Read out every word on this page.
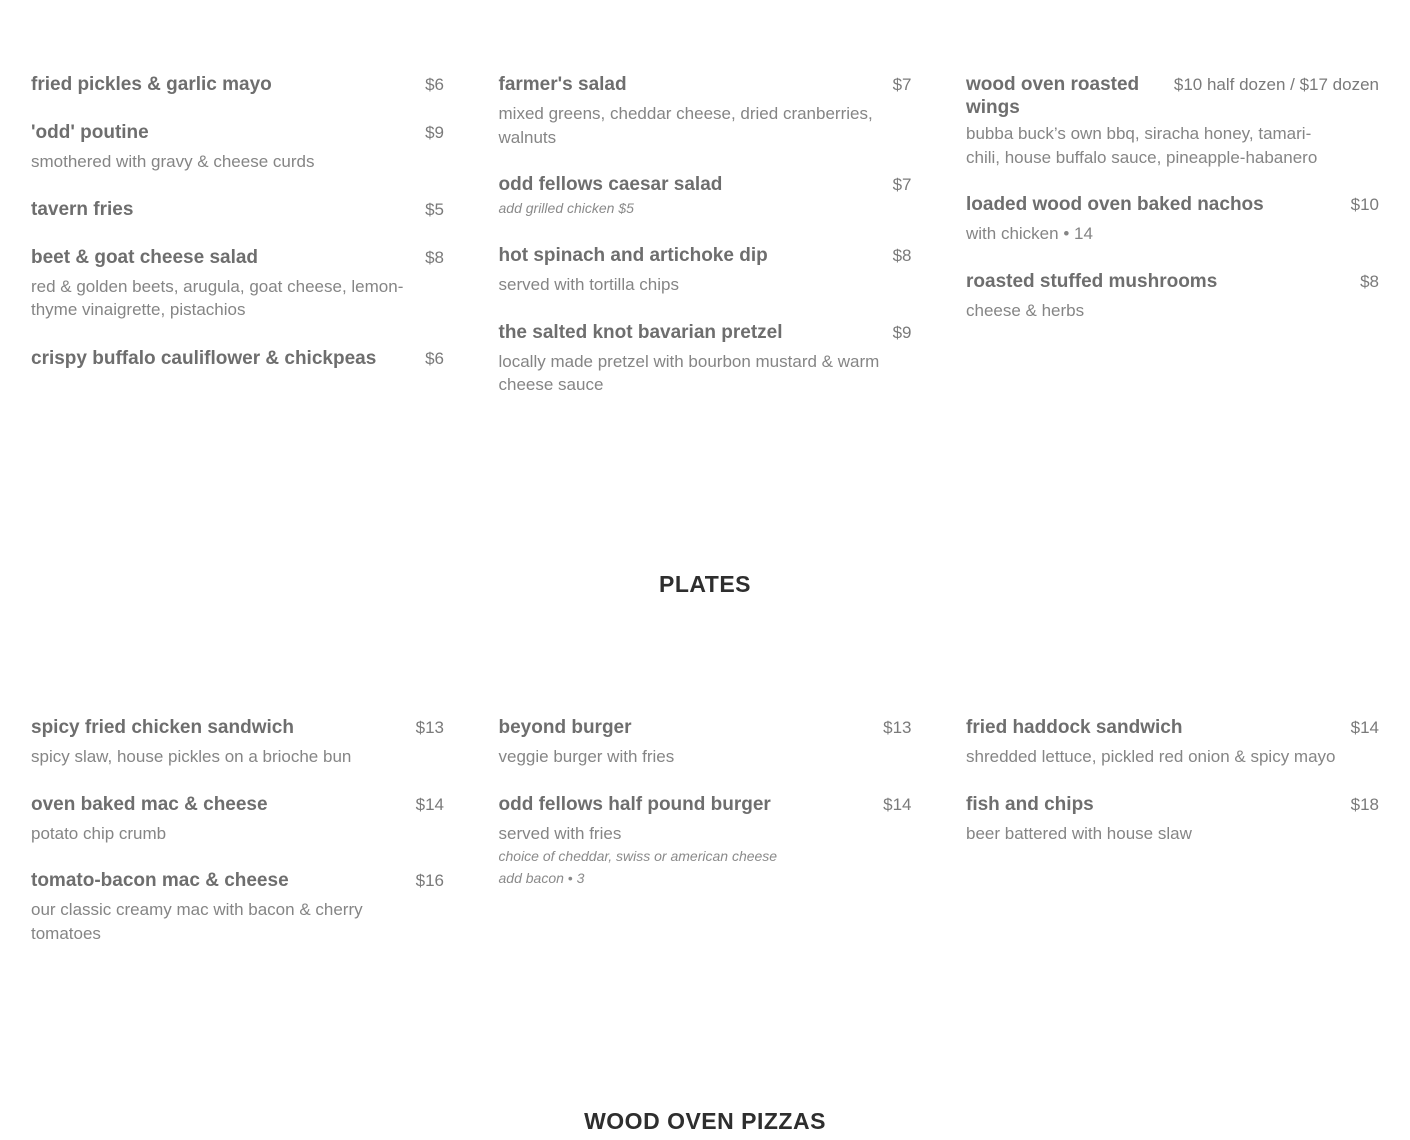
fried pickles & garlic mayo	$6
'odd' poutine	$9
smothered with gravy & cheese curds
tavern fries	$5
beet & goat cheese salad	$8
red & golden beets, arugula, goat cheese, lemon-thyme vinaigrette, pistachios
crispy buffalo cauliflower & chickpeas	$6
farmer's salad	$7
mixed greens, cheddar cheese, dried cranberries, walnuts
odd fellows caesar salad	$7
add grilled chicken $5
hot spinach and artichoke dip	$8
served with tortilla chips
the salted knot bavarian pretzel	$9
locally made pretzel with bourbon mustard & warm cheese sauce
wood oven roasted wings
$10 half dozen / $17 dozen
bubba buck’s own bbq, siracha honey, tamari-chili, house buffalo sauce, pineapple-habanero
loaded wood oven baked nachos	$10
with chicken • 14
roasted stuffed mushrooms	$8
cheese & herbs
PLATES
spicy fried chicken sandwich	$13
spicy slaw, house pickles on a brioche bun
oven baked mac & cheese	$14
potato chip crumb
tomato-bacon mac & cheese	$16
our classic creamy mac with bacon & cherry tomatoes
beyond burger	$13
veggie burger with fries
odd fellows half pound burger	$14
served with fries
choice of cheddar, swiss or american cheese
add bacon • 3
fried haddock sandwich	$14
shredded lettuce, pickled red onion & spicy mayo
fish and chips	$18
beer battered with house slaw
WOOD OVEN PIZZAS
